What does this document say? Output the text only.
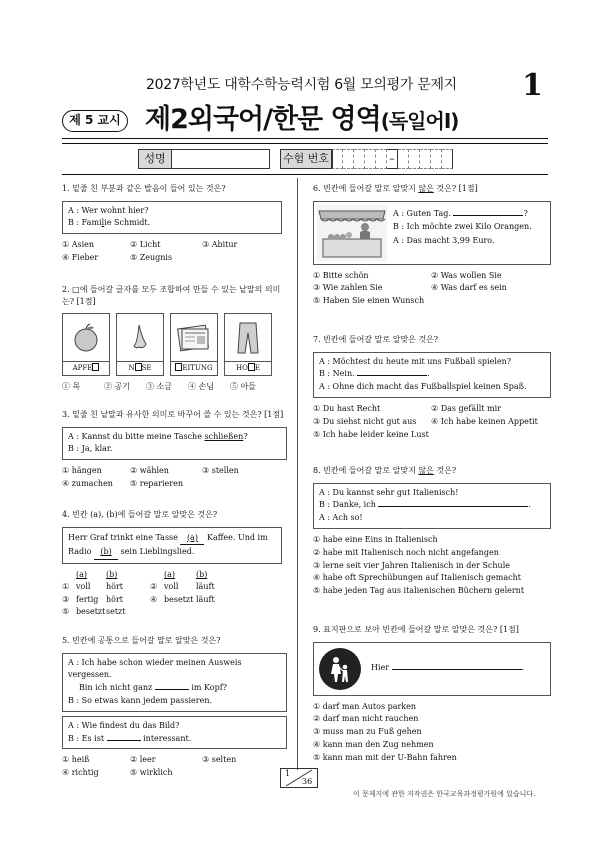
2027학년도 대학수학능력시험 6월 모의평가 문제지	1
제 5 교시 제2외국어/한문 영역(독일어Ⅰ)
성명	수험 번호	–
1. 밑줄 친 부분과 같은 발음이 들어 있는 것은?
A : Wer wohnt hier?
B : Familie Schmidt.
① Asien	② Licht	③ Abitur
④ Fieber	⑤ Zeugnis
2. □에 들어갈 글자를 모두 조합하여 만들 수 있는 낱말의 의미는? [1점]
APFE	N SE	EITUNG	HO E
① 목	② 공기	③ 소금	④ 손님	⑤ 아들
3. 밑줄 친 낱말과 유사한 의미로 바꾸어 쓸 수 있는 것은? [1점]
A : Kannst du bitte meine Tasche schließen?
B : Ja, klar.
① hängen	② wählen	③ stellen
④ zumachen	⑤ reparieren
4. 빈칸 (a), (b)에 들어갈 말로 알맞은 것은?
Herr Graf trinkt eine Tasse (a) Kaffee. Und im Radio (b) sein Lieblingslied.
(a)	(b)	(a)	(b)
① voll	hört	② voll	läuft
③ fertig hört	④ besetzt läuft
⑤ besetzt setzt
5. 빈칸에 공통으로 들어갈 말로 알맞은 것은?
A : Ich habe schon wieder meinen Ausweis vergessen.
Bin ich nicht ganz	im Kopf?
B : So etwas kann jedem passieren.
A : Wie findest du das Bild?
B : Es ist	interessant.
① heiß	② leer	③ selten
④ richtig	⑤ wirklich
6. 빈칸에 들어갈 말로 알맞지 않은 것은? [1점]
A : Guten Tag.	?
B : Ich möchte zwei Kilo Orangen.
A : Das macht 3,99 Euro.
① Bitte schön	② Was wollen Sie
③ Wie zahlen Sie	④ Was darf es sein
⑤ Haben Sie einen Wunsch
7. 빈칸에 들어갈 말로 알맞은 것은?
A : Möchtest du heute mit uns Fußball spielen?
B : Nein.	.
A : Ohne dich macht das Fußballspiel keinen Spaß.
① Du hast Recht	② Das gefällt mir
③ Du siehst nicht gut aus	④ Ich habe keinen Appetit
⑤ Ich habe leider keine Lust
8. 빈칸에 들어갈 말로 알맞지 않은 것은?
A : Du kannst sehr gut Italienisch!
B : Danke, ich	.
A : Ach so!
① habe eine Eins in Italienisch
② habe mit Italienisch noch nicht angefangen
③ lerne seit vier Jahren Italienisch in der Schule
④ habe oft Sprechübungen auf Italienisch gemacht
⑤ habe jeden Tag aus italienischen Büchern gelernt
9. 표지판으로 보아 빈칸에 들어갈 말로 알맞은 것은? [1점]
Hier	.
① darf man Autos parken
② darf man nicht rauchen
③ muss man zu Fuß gehen
④ kann man den Zug nehmen
⑤ kann man mit der U-Bahn fahren
1
36
이 문제지에 관한 저작권은 한국교육과정평가원에 있습니다.
